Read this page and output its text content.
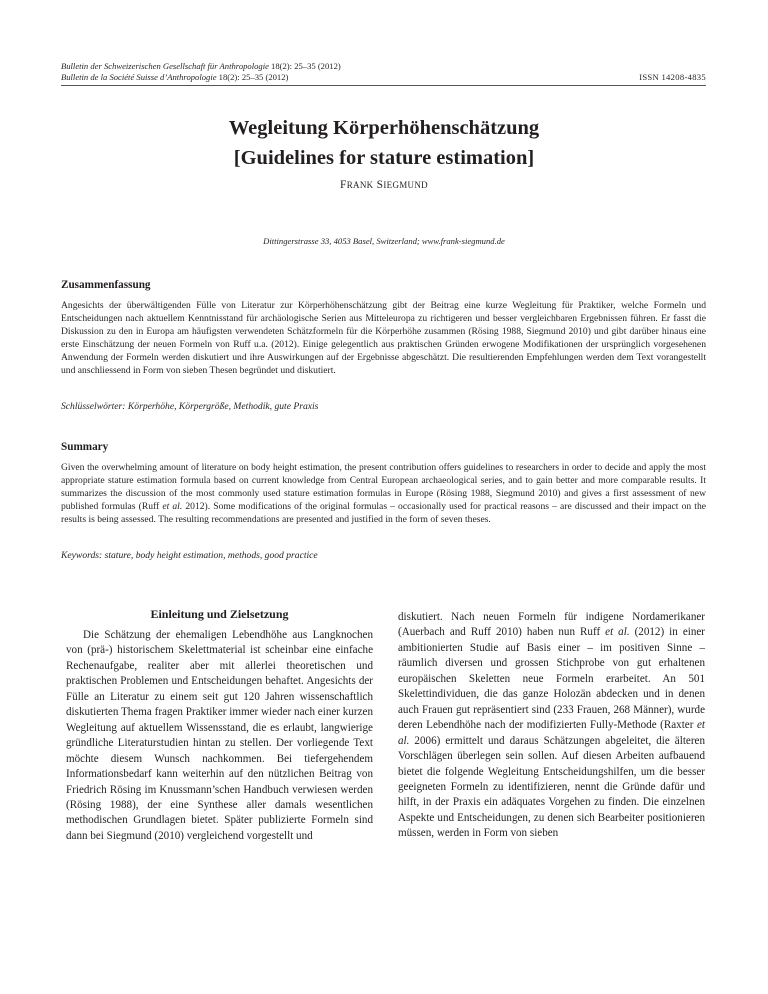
Bulletin der Schweizerischen Gesellschaft für Anthropologie 18(2): 25–35 (2012)
Bulletin de la Société Suisse d’Anthropologie 18(2): 25–35 (2012)	ISSN 14208-4835
Wegleitung Körperhöhenschätzung
[Guidelines for stature estimation]
FRANK SIEGMUND
Dittingerstrasse 33, 4053 Basel, Switzerland; www.frank-siegmund.de
Zusammenfassung
Angesichts der überwältigenden Fülle von Literatur zur Körperhöhenschätzung gibt der Beitrag eine kurze Wegleitung für Praktiker, welche Formeln und Entscheidungen nach aktuellem Kenntnisstand für archäologische Serien aus Mitteleuropa zu richtigeren und besser vergleichbaren Ergebnissen führen. Er fasst die Diskussion zu den in Europa am häufigsten verwendeten Schätzformeln für die Körperhöhe zusammen (Rösing 1988, Siegmund 2010) und gibt darüber hinaus eine erste Einschätzung der neuen Formeln von Ruff u.a. (2012). Einige gelegentlich aus praktischen Gründen erwogene Modifikationen der ursprünglich vorgesehenen Anwendung der Formeln werden diskutiert und ihre Auswirkungen auf der Ergebnisse abgeschätzt. Die resultierenden Empfehlungen werden dem Text vorangestellt und anschliessend in Form von sieben Thesen begründet und diskutiert.
Schlüsselwörter: Körperhöhe, Körpergröße, Methodik, gute Praxis
Summary
Given the overwhelming amount of literature on body height estimation, the present contribution offers guidelines to researchers in order to decide and apply the most appropriate stature estimation formula based on current knowledge from Central European archaeological series, and to gain better and more comparable results. It summarizes the discussion of the most commonly used stature estimation formulas in Europe (Rösing 1988, Siegmund 2010) and gives a first assessment of new published formulas (Ruff et al. 2012). Some modifications of the original formulas – occasionally used for practical reasons – are discussed and their impact on the results is being assessed. The resulting recommendations are presented and justified in the form of seven theses.
Keywords: stature, body height estimation, methods, good practice
Einleitung und Zielsetzung
Die Schätzung der ehemaligen Lebendhöhe aus Langknochen von (prä-) historischem Skelettmaterial ist scheinbar eine einfache Rechenaufgabe, realiter aber mit allerlei theoretischen und praktischen Problemen und Entscheidungen behaftet. Angesichts der Fülle an Literatur zu einem seit gut 120 Jahren wissenschaftlich diskutierten Thema fragen Praktiker immer wieder nach einer kurzen Wegleitung auf aktuellem Wissensstand, die es erlaubt, langwierige gründliche Literaturstudien hintan zu stellen. Der vorliegende Text möchte diesem Wunsch nachkommen. Bei tiefergehendem Informationsbedarf kann weiterhin auf den nützlichen Beitrag von Friedrich Rösing im Knussmann’schen Handbuch verwiesen werden (Rösing 1988), der eine Synthese aller damals wesentlichen methodischen Grundlagen bietet. Später publizierte Formeln sind dann bei Siegmund (2010) vergleichend vorgestellt und
diskutiert. Nach neuen Formeln für indigene Nordamerikaner (Auerbach and Ruff 2010) haben nun Ruff et al. (2012) in einer ambitionierten Studie auf Basis einer – im positiven Sinne – räumlich diversen und grossen Stichprobe von gut erhaltenen europäischen Skeletten neue Formeln erarbeitet. An 501 Skelettindividuen, die das ganze Holozän abdecken und in denen auch Frauen gut repräsentiert sind (233 Frauen, 268 Männer), wurde deren Lebendhöhe nach der modifizierten Fully-Methode (Raxter et al. 2006) ermittelt und daraus Schätzungen abgeleitet, die älteren Vorschlägen überlegen sein sollen. Auf diesen Arbeiten aufbauend bietet die folgende Wegleitung Entscheidungshilfen, um die besser geeigneten Formeln zu identifizieren, nennt die Gründe dafür und hilft, in der Praxis ein adäquates Vorgehen zu finden. Die einzelnen Aspekte und Entscheidungen, zu denen sich Bearbeiter positionieren müssen, werden in Form von sieben
